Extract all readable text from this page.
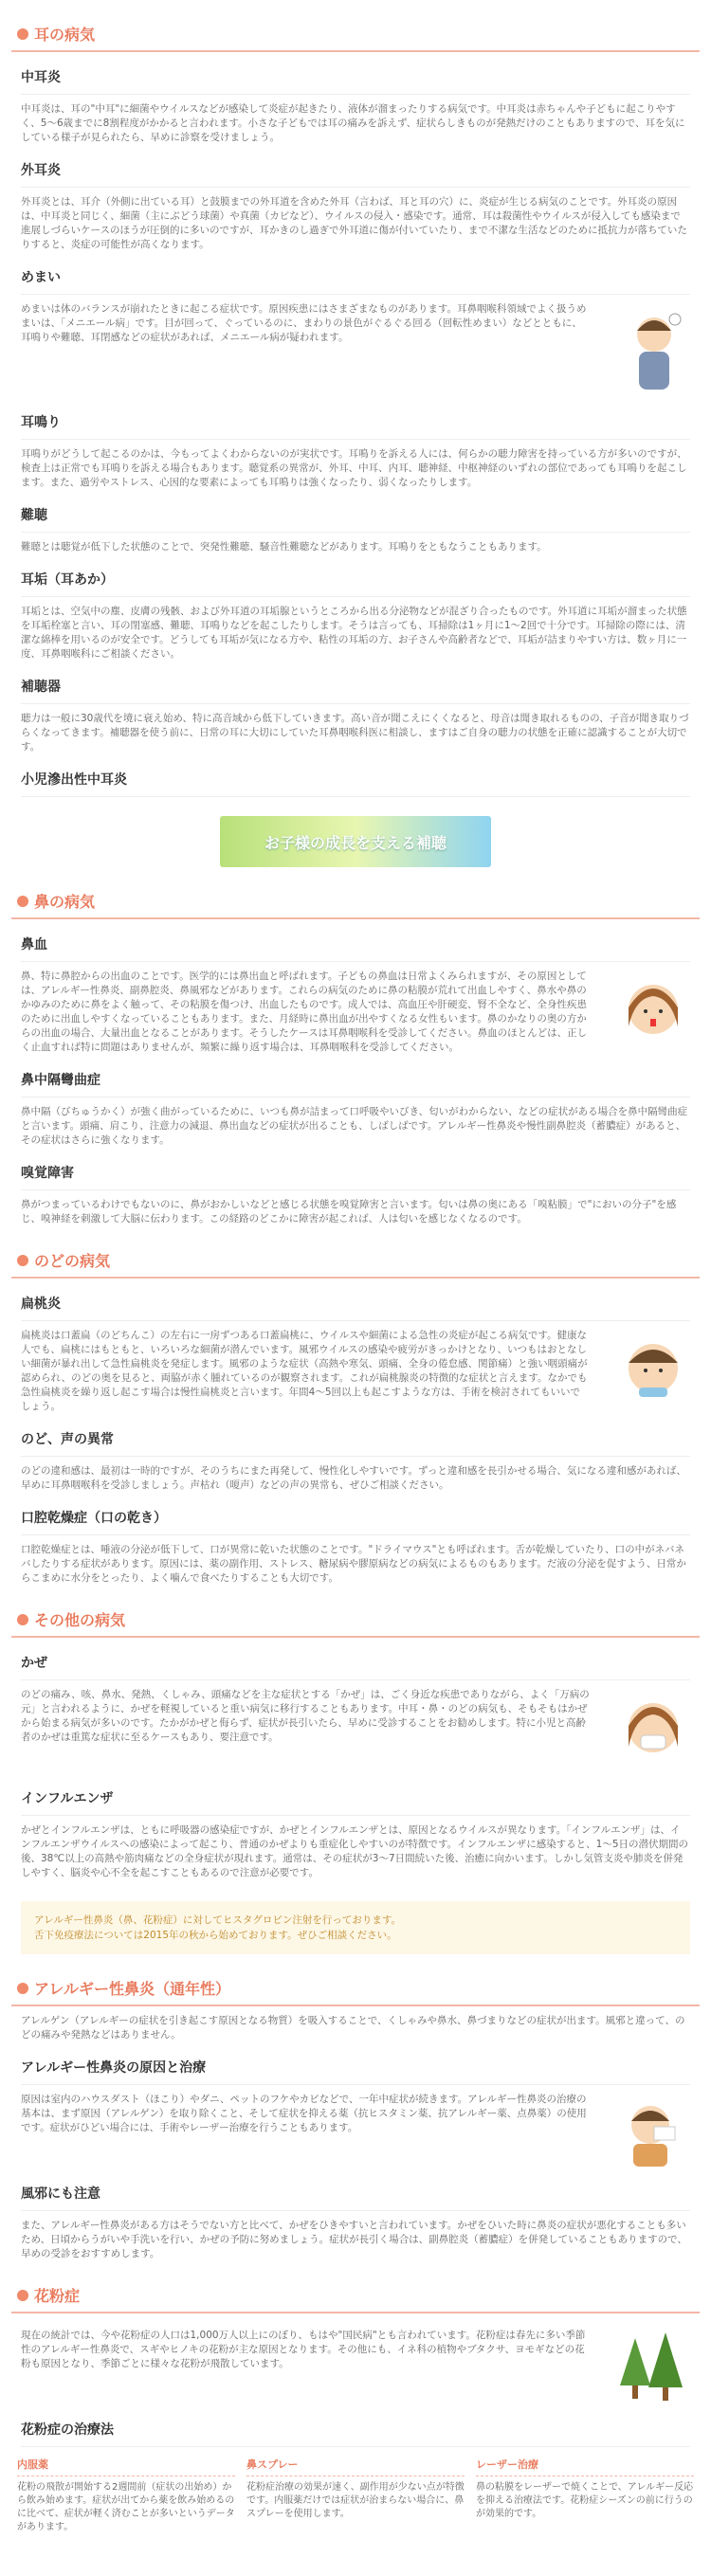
耳の病気
中耳炎
中耳炎は、耳の"中耳"に細菌やウイルスなどが感染して炎症が起きたり、液体が溜まったりする病気です。中耳炎は赤ちゃんや子どもに起こりやすく、5〜6歳までに8割程度がかかると言われます。小さな子どもでは耳の痛みを訴えず、症状らしきものが発熱だけのこともありますので、耳を気にしている様子が見られたら、早めに診察を受けましょう。
外耳炎
外耳炎とは、耳介（外側に出ている耳）と鼓膜までの外耳道を含めた外耳（言わば、耳と耳の穴）に、炎症が生じる病気のことです。外耳炎の原因は、中耳炎と同じく、細菌（主にぶどう球菌）や真菌（カビなど）、ウイルスの侵入・感染です。通常、耳は殺菌性やウイルスが侵入しても感染まで進展しづらいケースのほうが圧倒的に多いのですが、耳かきのし過ぎで外耳道に傷が付いていたり、まで不潔な生活などのために抵抗力が落ちていたりすると、炎症の可能性が高くなります。
めまい
めまいは体のバランスが崩れたときに起こる症状です。原因疾患にはさまざまなものがあります。耳鼻咽喉科領域でよく扱うめまいは、「メニエール病」です。目が回って、ぐっているのに、まわりの景色がぐるぐる回る（回転性めまい）などとともに、耳鳴りや難聴、耳閉感などの症状があれば、メニエール病が疑われます。
耳鳴り
耳鳴りがどうして起こるのかは、今もってよくわからないのが実状です。耳鳴りを訴える人には、何らかの聴力障害を持っている方が多いのですが、検査上は正常でも耳鳴りを訴える場合もあります。聴覚系の異常が、外耳、中耳、内耳、聴神経、中枢神経のいずれの部位であっても耳鳴りを起こします。また、過労やストレス、心因的な要素によっても耳鳴りは強くなったり、弱くなったりします。
難聴
難聴とは聴覚が低下した状態のことで、突発性難聴、騒音性難聴などがあります。耳鳴りをともなうこともあります。
耳垢（耳あか）
耳垢とは、空気中の塵、皮膚の残骸、および外耳道の耳垢腺というところから出る分泌物などが混ざり合ったものです。外耳道に耳垢が溜まった状態を耳垢栓塞と言い、耳の閉塞感、難聴、耳鳴りなどを起こしたりします。そうは言っても、耳掃除は1ヶ月に1〜2回で十分です。耳掃除の際には、清潔な綿棒を用いるのが安全です。どうしても耳垢が気になる方や、粘性の耳垢の方、お子さんや高齢者などで、耳垢が詰まりやすい方は、数ヶ月に一度、耳鼻咽喉科にご相談ください。
補聴器
聴力は一般に30歳代を境に衰え始め、特に高音域から低下していきます。高い音が聞こえにくくなると、母音は聞き取れるものの、子音が聞き取りづらくなってきます。補聴器を使う前に、日常の耳に大切にしていた耳鼻咽喉科医に相談し、ますはご自身の聴力の状態を正確に認識することが大切です。
小児滲出性中耳炎
お子様の成長を支える補聴
鼻の病気
鼻血
鼻、特に鼻腔からの出血のことです。医学的には鼻出血と呼ばれます。子どもの鼻血は日常よくみられますが、その原因としては、アレルギー性鼻炎、副鼻腔炎、鼻風邪などがあります。これらの病気のために鼻の粘膜が荒れて出血しやすく、鼻水や鼻のかゆみのために鼻をよく触って、その粘膜を傷つけ、出血したものです。成人では、高血圧や肝硬変、腎不全など、全身性疾患のために出血しやすくなっていることもあります。また、月経時に鼻出血が出やすくなる女性もいます。鼻のかなりの奥の方からの出血の場合、大量出血となることがあります。そうしたケースは耳鼻咽喉科を受診してください。鼻血のほとんどは、正しく止血すれば特に問題はありませんが、頻繁に繰り返す場合は、耳鼻咽喉科を受診してください。
鼻中隔彎曲症
鼻中隔（びちゅうかく）が強く曲がっているために、いつも鼻が詰まって口呼吸やいびき、匂いがわからない、などの症状がある場合を鼻中隔彎曲症と言います。頭痛、肩こり、注意力の減退、鼻出血などの症状が出ることも、しばしばです。アレルギー性鼻炎や慢性副鼻腔炎（蓄膿症）があると、その症状はさらに強くなります。
嗅覚障害
鼻がつまっているわけでもないのに、鼻がおかしいなどと感じる状態を嗅覚障害と言います。匂いは鼻の奥にある「嗅粘膜」で"においの分子"を感じ、嗅神経を刺激して大脳に伝わります。この経路のどこかに障害が起これば、人は匂いを感じなくなるのです。
のどの病気
扁桃炎
扁桃炎は口蓋扁（のどちんこ）の左右に一房ずつある口蓋扁桃に、ウイルスや細菌による急性の炎症が起こる病気です。健康な人でも、扁桃にはもともと、いろいろな細菌が潜んでいます。風邪ウイルスの感染や疲労がきっかけとなり、いつもはおとなしい細菌が暴れ出して急性扁桃炎を発症します。風邪のような症状（高熱や寒気、頭痛、全身の倦怠感、関節痛）と強い咽頭痛が認められ、のどの奥を見ると、両脇が赤く腫れているのが観察されます。これが扁桃腺炎の特徴的な症状と言えます。なかでも急性扁桃炎を繰り返し起こす場合は慢性扁桃炎と言います。年間4〜5回以上も起こすような方は、手術を検討されてもいいでしょう。
のど、声の異常
のどの違和感は、最初は一時的ですが、そのうちにまた再発して、慢性化しやすいです。ずっと違和感を長引かせる場合、気になる違和感があれば、早めに耳鼻咽喉科を受診しましょう。声枯れ（嗄声）などの声の異常も、ぜひご相談ください。
口腔乾燥症（口の乾き）
口腔乾燥症とは、唾液の分泌が低下して、口が異常に乾いた状態のことです。"ドライマウス"とも呼ばれます。舌が乾燥していたり、口の中がネバネバしたりする症状があります。原因には、薬の副作用、ストレス、糖尿病や膠原病などの病気によるものもあります。だ液の分泌を促すよう、日常からこまめに水分をとったり、よく噛んで食べたりすることも大切です。
その他の病気
かぜ
のどの痛み、咳、鼻水、発熱、くしゃみ、頭痛などを主な症状とする「かぜ」は、ごく身近な疾患でありながら、よく「万病の元」と言われるように、かぜを軽視していると重い病気に移行することもあります。中耳・鼻・のどの病気も、そもそもはかぜから始まる病気が多いのです。たかがかぜと侮らず、症状が長引いたら、早めに受診することをお勧めします。特に小児と高齢者のかぜは重篤な症状に至るケースもあり、要注意です。
インフルエンザ
かぜとインフルエンザは、ともに呼吸器の感染症ですが、かぜとインフルエンザとは、原因となるウイルスが異なります。「インフルエンザ」は、インフルエンザウイルスへの感染によって起こり、普通のかぜよりも重症化しやすいのが特徴です。インフルエンザに感染すると、1〜5日の潜伏期間の後、38℃以上の高熱や筋肉痛などの全身症状が現れます。通常は、その症状が3〜7日間続いた後、治癒に向かいます。しかし気管支炎や肺炎を併発しやすく、脳炎や心不全を起こすこともあるので注意が必要です。
アレルギー性鼻炎（鼻、花粉症）に対してヒスタグロビン注射を行っております。
舌下免疫療法については2015年の秋から始めております。ぜひご相談ください。
アレルギー性鼻炎（通年性）
アレルゲン（アレルギーの症状を引き起こす原因となる物質）を吸入することで、くしゃみや鼻水、鼻づまりなどの症状が出ます。風邪と違って、のどの痛みや発熱などはありません。
アレルギー性鼻炎の原因と治療
原因は室内のハウスダスト（ほこり）やダニ、ペットのフケやカビなどで、一年中症状が続きます。アレルギー性鼻炎の治療の基本は、まず原因（アレルゲン）を取り除くこと、そして症状を抑える薬（抗ヒスタミン薬、抗アレルギー薬、点鼻薬）の使用です。症状がひどい場合には、手術やレーザー治療を行うこともあります。
風邪にも注意
また、アレルギー性鼻炎がある方はそうでない方と比べて、かぜをひきやすいと言われています。かぜをひいた時に鼻炎の症状が悪化することも多いため、日頃からうがいや手洗いを行い、かぜの予防に努めましょう。症状が長引く場合は、副鼻腔炎（蓄膿症）を併発していることもありますので、早めの受診をおすすめします。
花粉症
現在の統計では、今や花粉症の人口は1,000万人以上にのぼり、もはや"国民病"とも言われています。花粉症は春先に多い季節性のアレルギー性鼻炎で、スギやヒノキの花粉が主な原因となります。その他にも、イネ科の植物やブタクサ、ヨモギなどの花粉も原因となり、季節ごとに様々な花粉が飛散しています。
花粉症の治療法
内服薬
花粉の飛散が開始する2週間前（症状の出始め）から飲み始めます。症状が出てから薬を飲み始めるのに比べて、症状が軽く済むことが多いというデータがあります。
鼻スプレー
花粉症治療の効果が速く、副作用が少ない点が特徴です。内服薬だけでは症状が治まらない場合に、鼻スプレーを使用します。
レーザー治療
鼻の粘膜をレーザーで焼くことで、アレルギー反応を抑える治療法です。花粉症シーズンの前に行うのが効果的です。
